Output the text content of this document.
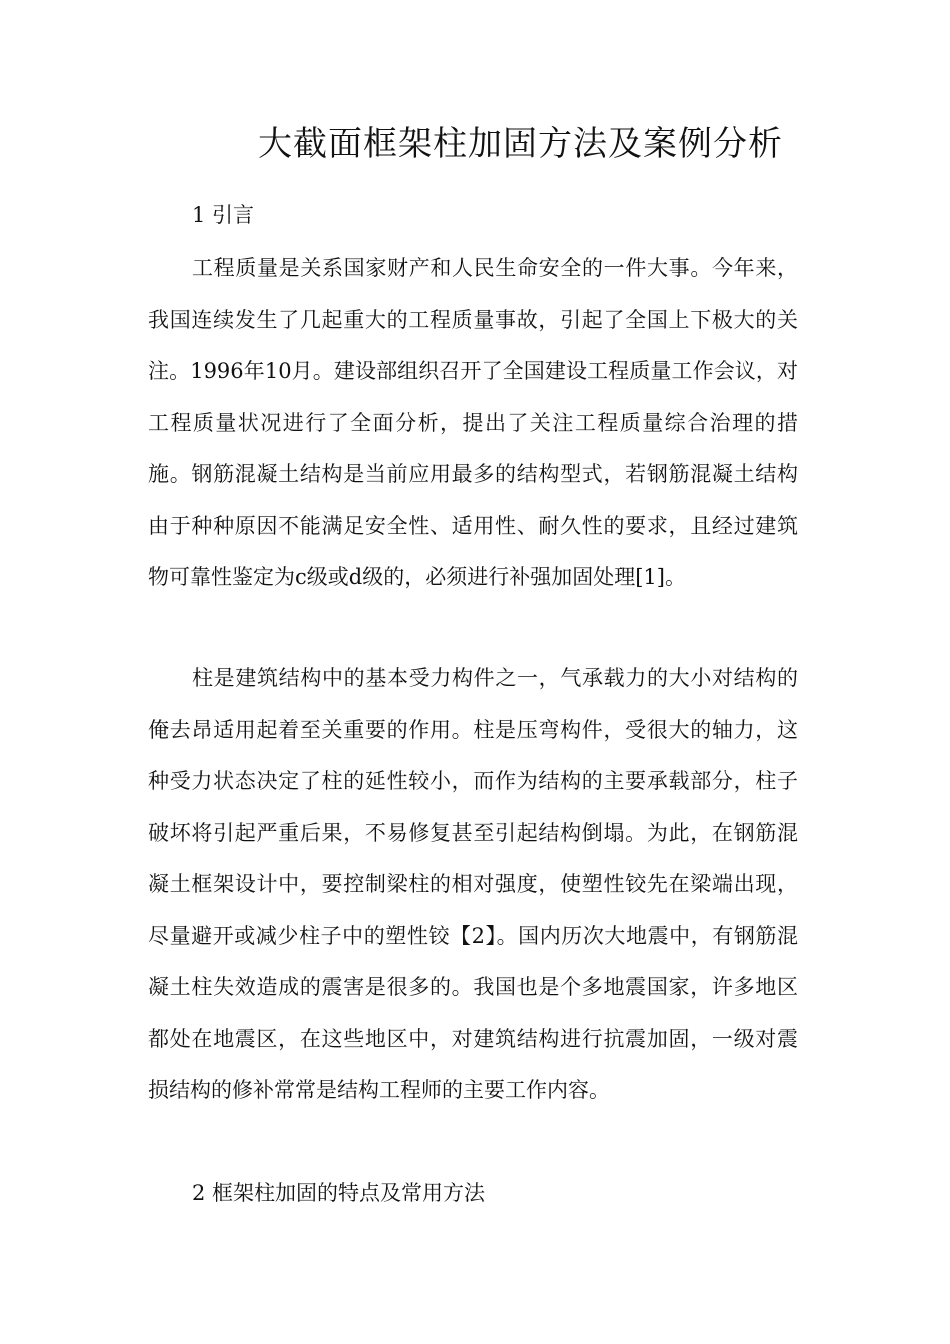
大截面框架柱加固方法及案例分析

1 引言

工程质量是关系国家财产和人民生命安全的一件大事。今年来，我国连续发生了几起重大的工程质量事故，引起了全国上下极大的关注。1996年10月。建设部组织召开了全国建设工程质量工作会议，对工程质量状况进行了全面分析，提出了关注工程质量综合治理的措施。钢筋混凝土结构是当前应用最多的结构型式，若钢筋混凝土结构由于种种原因不能满足安全性、适用性、耐久性的要求，且经过建筑物可靠性鉴定为c级或d级的，必须进行补强加固处理[1]。

柱是建筑结构中的基本受力构件之一，气承载力的大小对结构的俺去昂适用起着至关重要的作用。柱是压弯构件，受很大的轴力，这种受力状态决定了柱的延性较小，而作为结构的主要承载部分，柱子破坏将引起严重后果，不易修复甚至引起结构倒塌。为此，在钢筋混凝土框架设计中，要控制梁柱的相对强度，使塑性铰先在梁端出现，尽量避开或减少柱子中的塑性铰【2】。国内历次大地震中，有钢筋混凝土柱失效造成的震害是很多的。我国也是个多地震国家，许多地区都处在地震区，在这些地区中，对建筑结构进行抗震加固，一级对震损结构的修补常常是结构工程师的主要工作内容。

2 框架柱加固的特点及常用方法
